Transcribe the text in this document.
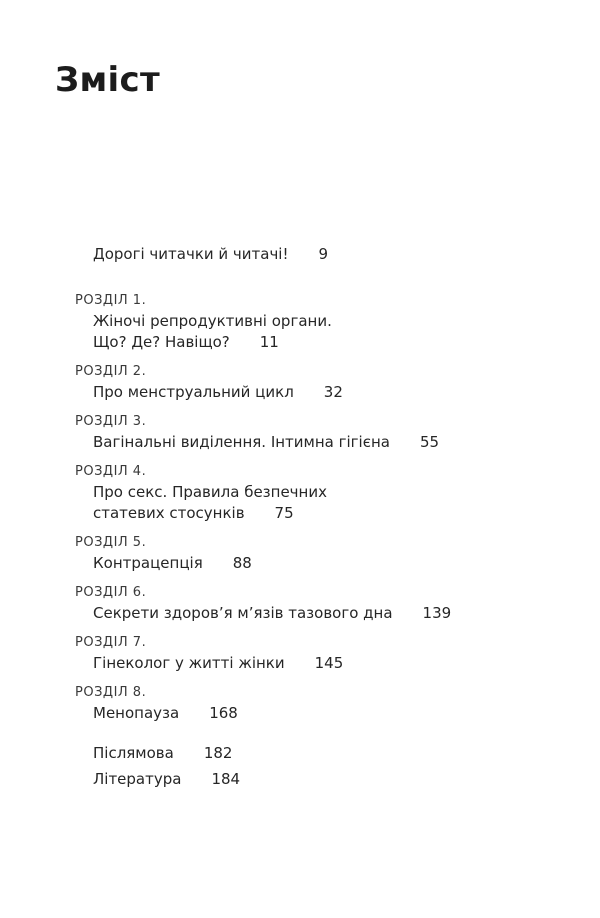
Зміст
Дорогі читачки й читачі! 9
РОЗДІЛ 1.
Жіночі репродуктивні органи.
Що? Де? Навіщо? 11
РОЗДІЛ 2.
Про менструальний цикл 32
РОЗДІЛ 3.
Вагінальні виділення. Інтимна гігієна 55
РОЗДІЛ 4.
Про секс. Правила безпечних
статевих стосунків 75
РОЗДІЛ 5.
Контрацепція 88
РОЗДІЛ 6.
Секрети здоров’я м’язів тазового дна 139
РОЗДІЛ 7.
Гінеколог у житті жінки 145
РОЗДІЛ 8.
Менопауза 168
Післямова 182
Література 184
